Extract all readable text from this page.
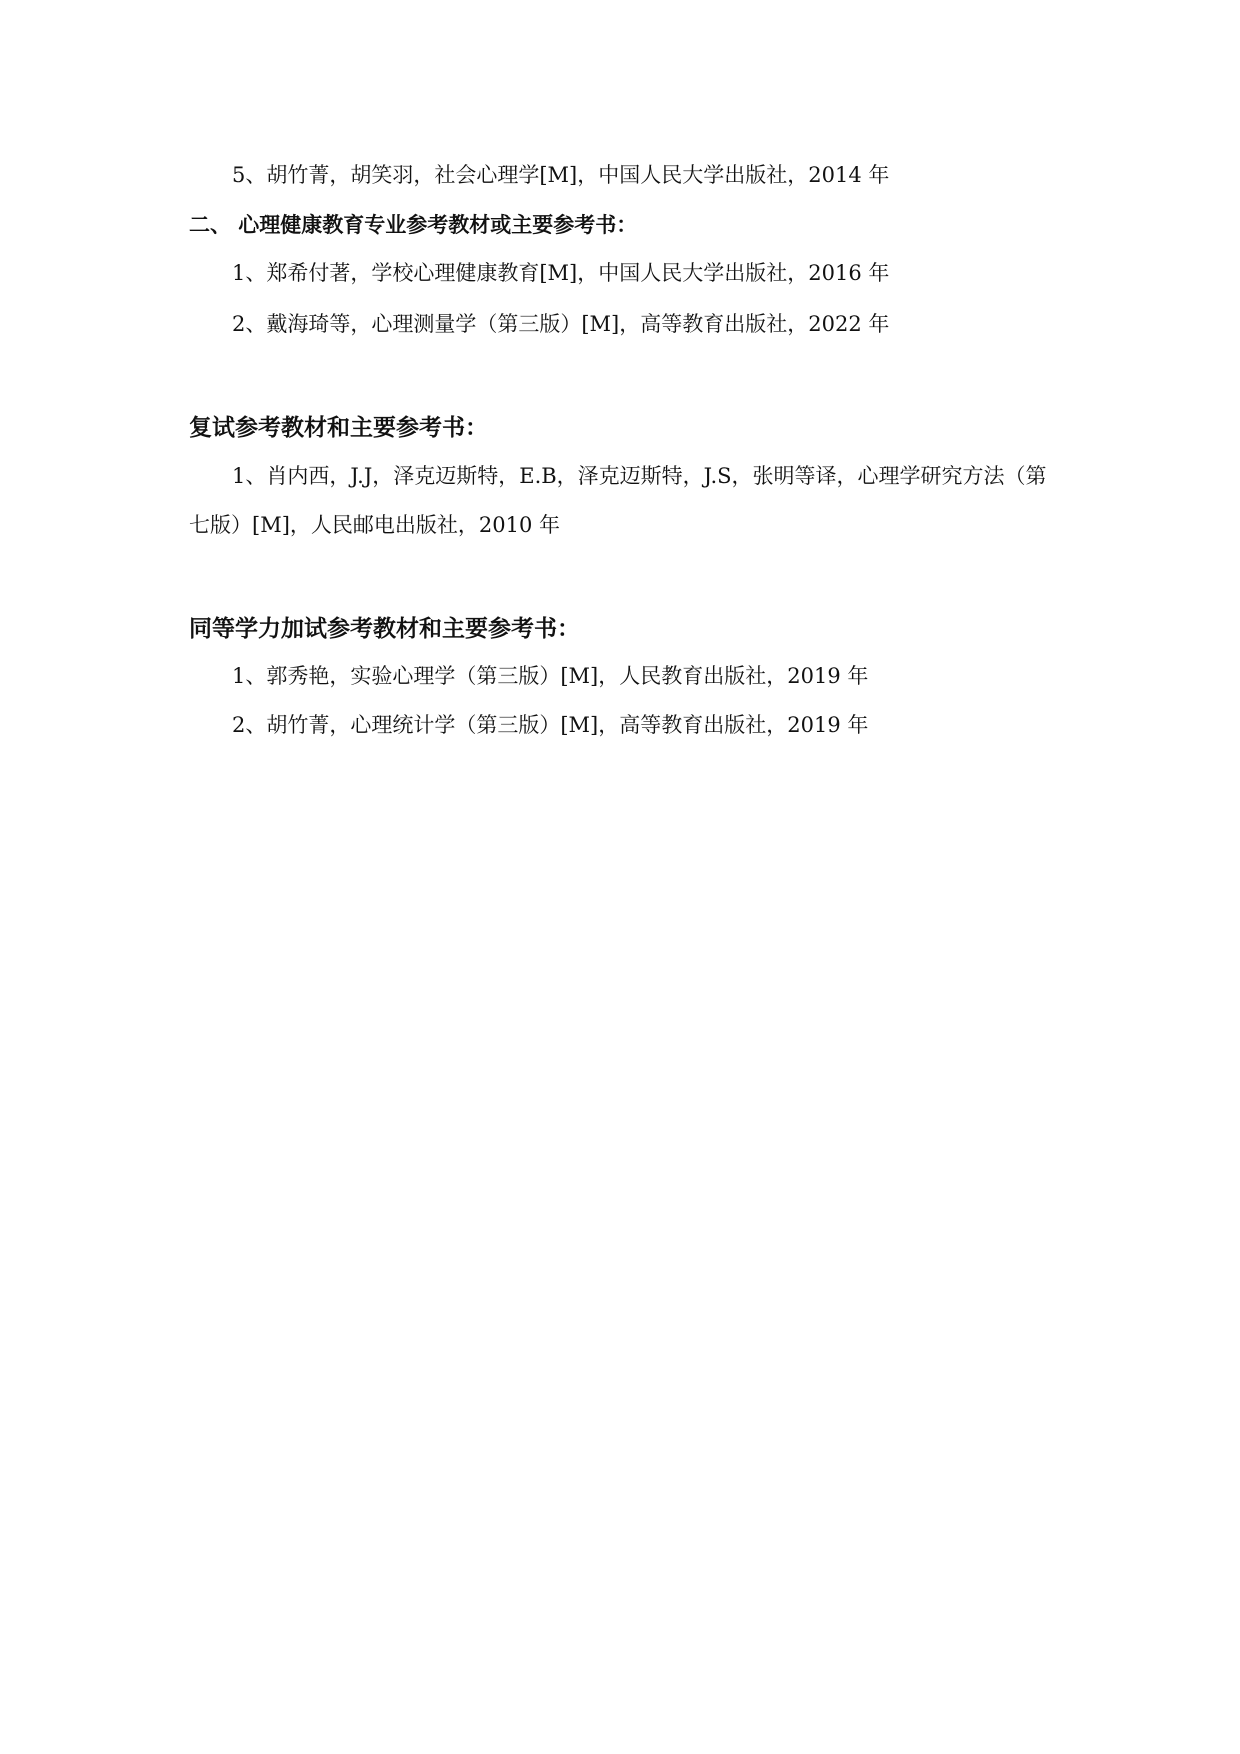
5、胡竹菁，胡笑羽，社会心理学[M]，中国人民大学出版社，2014 年
二、 心理健康教育专业参考教材或主要参考书：
1、郑希付著，学校心理健康教育[M]，中国人民大学出版社，2016 年
2、戴海琦等，心理测量学（第三版）[M]，高等教育出版社，2022 年
复试参考教材和主要参考书：
1、肖内西，J.J，泽克迈斯特，E.B，泽克迈斯特，J.S，张明等译，心理学研究方法（第
七版）[M]，人民邮电出版社，2010 年
同等学力加试参考教材和主要参考书：
1、郭秀艳，实验心理学（第三版）[M]，人民教育出版社，2019 年
2、胡竹菁，心理统计学（第三版）[M]，高等教育出版社，2019 年
